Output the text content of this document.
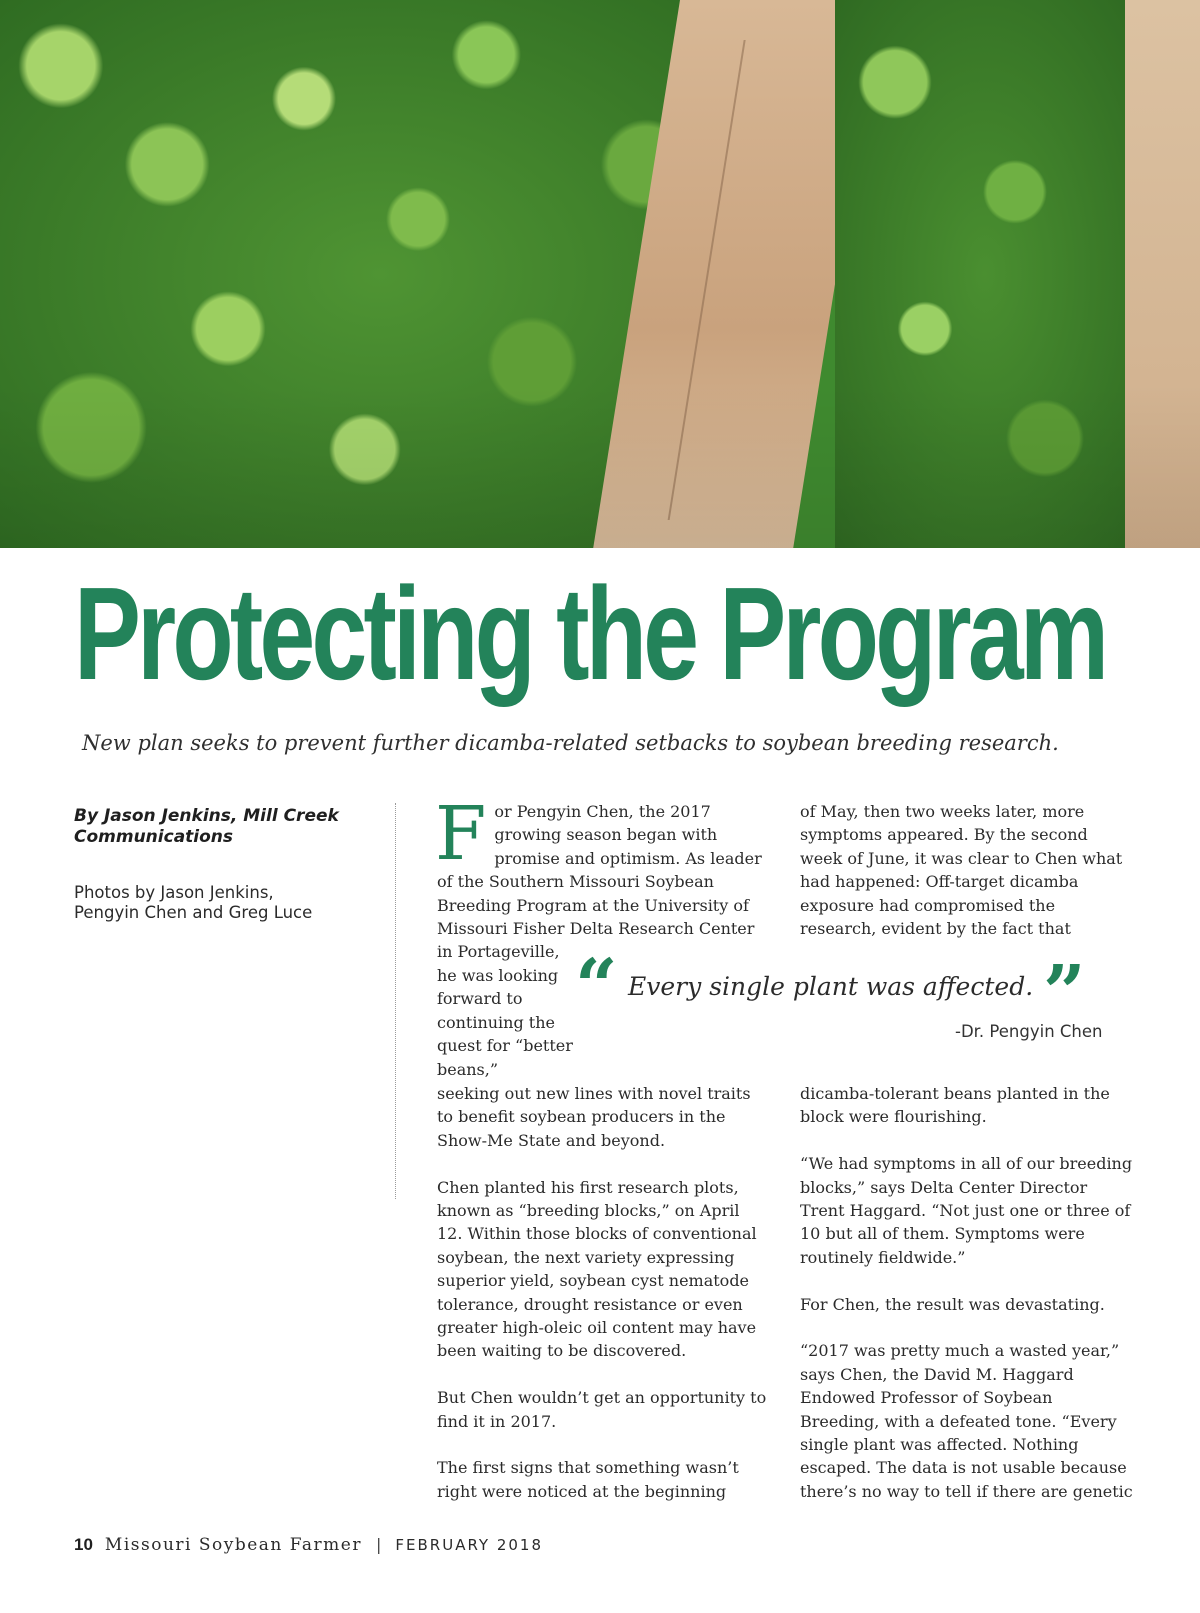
Protecting the Program

New plan seeks to prevent further dicamba-related setbacks to soybean breeding research.

By Jason Jenkins, Mill Creek Communications
Photos by Jason Jenkins, Pengyin Chen and Greg Luce

For Pengyin Chen, the 2017 growing season began with promise and optimism. As leader of the Southern Missouri Soybean Breeding Program at the University of Missouri Fisher Delta Research Center in Portageville,

he was looking forward to continuing the quest for “better beans,”

of May, then two weeks later, more symptoms appeared. By the second week of June, it was clear to Chen what had happened: Off-target dicamba exposure had compromised the research, evident by the fact that

“ Every single plant was affected. ”
-Dr. Pengyin Chen

seeking out new lines with novel traits to benefit soybean producers in the Show-Me State and beyond.

Chen planted his first research plots, known as “breeding blocks,” on April 12. Within those blocks of conventional soybean, the next variety expressing superior yield, soybean cyst nematode tolerance, drought resistance or even greater high-oleic oil content may have been waiting to be discovered.

But Chen wouldn’t get an opportunity to find it in 2017.

The first signs that something wasn’t right were noticed at the beginning

dicamba-tolerant beans planted in the block were flourishing.

“We had symptoms in all of our breeding blocks,” says Delta Center Director Trent Haggard. “Not just one or three of 10 but all of them. Symptoms were routinely fieldwide.”

For Chen, the result was devastating.

“2017 was pretty much a wasted year,” says Chen, the David M. Haggard Endowed Professor of Soybean Breeding, with a defeated tone. “Every single plant was affected. Nothing escaped. The data is not usable because there’s no way to tell if there are genetic

10 Missouri Soybean Farmer | FEBRUARY 2018
